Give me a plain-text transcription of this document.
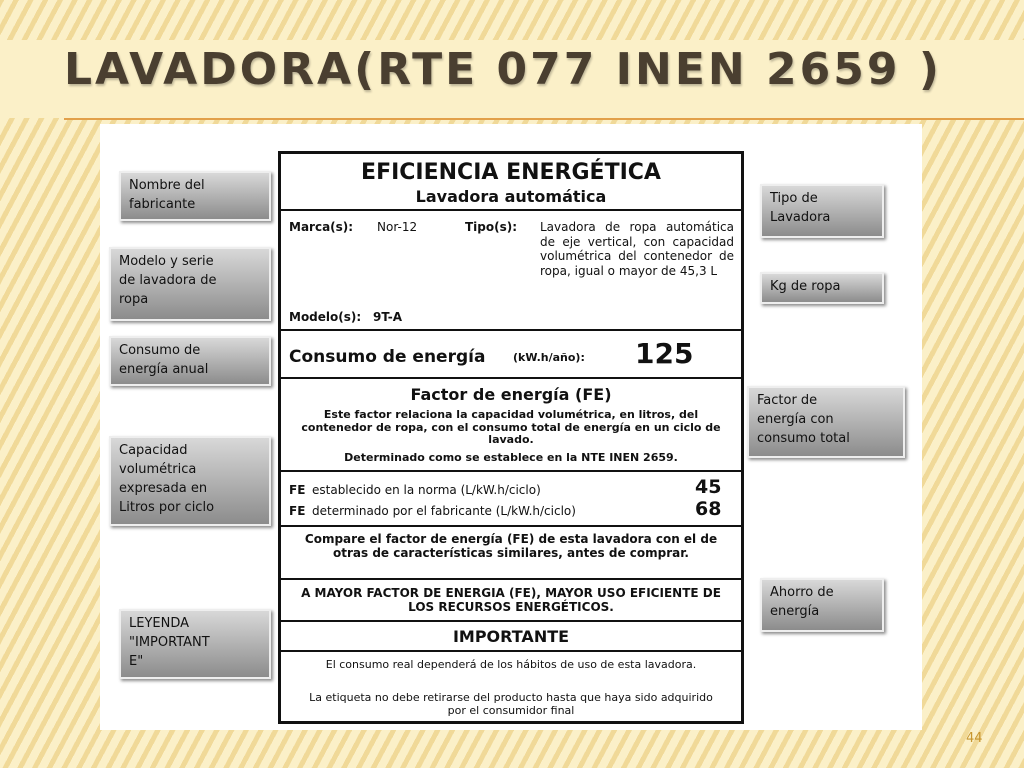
LAVADORA(RTE 077 INEN 2659 )
Nombre del
fabricante
Modelo y serie
de lavadora de
ropa
Consumo de
energía anual
Capacidad
volumétrica
expresada en
Litros por ciclo
LEYENDA
"IMPORTANT
E"
Tipo de
Lavadora
Kg de ropa
Factor de
energía con
consumo total
Ahorro de
energía
EFICIENCIA ENERGÉTICA
Lavadora automática
Marca(s): Nor-12	Tipo(s): Lavadora de ropa automática de eje vertical, con capacidad volumétrica del contenedor de ropa, igual o mayor de 45,3 L
Modelo(s): 9T-A
Consumo de energía	(kW.h/año): 125
Factor de energía (FE)
Este factor relaciona la capacidad volumétrica, en litros, del contenedor de ropa, con el consumo total de energía en un ciclo de lavado.
Determinado como se establece en la NTE INEN 2659.
FE establecido en la norma (L/kW.h/ciclo)	45
FE determinado por el fabricante (L/kW.h/ciclo)	68
Compare el factor de energía (FE) de esta lavadora con el de otras de características similares, antes de comprar.
A MAYOR FACTOR DE ENERGIA (FE), MAYOR USO EFICIENTE DE LOS RECURSOS ENERGÉTICOS.
IMPORTANTE
El consumo real dependerá de los hábitos de uso de esta lavadora.
La etiqueta no debe retirarse del producto hasta que haya sido adquirido por el consumidor final
44
